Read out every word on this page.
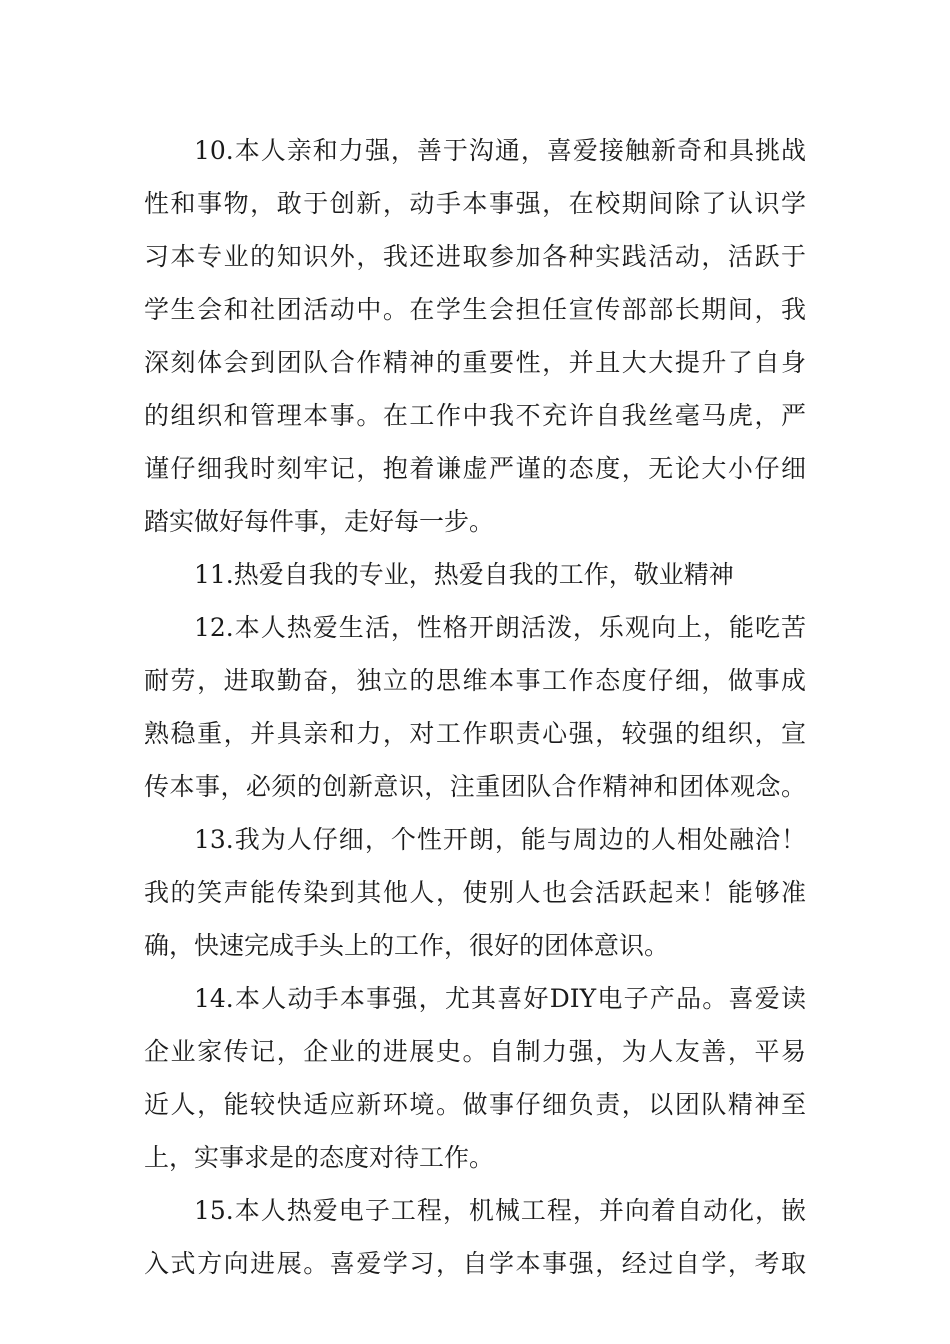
10.本人亲和力强，善于沟通，喜爱接触新奇和具挑战
性和事物，敢于创新，动手本事强，在校期间除了认识学
习本专业的知识外，我还进取参加各种实践活动，活跃于
学生会和社团活动中。在学生会担任宣传部部长期间，我
深刻体会到团队合作精神的重要性，并且大大提升了自身
的组织和管理本事。在工作中我不充许自我丝毫马虎，严
谨仔细我时刻牢记，抱着谦虚严谨的态度，无论大小仔细
踏实做好每件事，走好每一步。
11.热爱自我的专业，热爱自我的工作，敬业精神
12.本人热爱生活，性格开朗活泼，乐观向上，能吃苦
耐劳，进取勤奋，独立的思维本事工作态度仔细，做事成
熟稳重，并具亲和力，对工作职责心强，较强的组织，宣
传本事，必须的创新意识，注重团队合作精神和团体观念。
13.我为人仔细，个性开朗，能与周边的人相处融洽！
我的笑声能传染到其他人，使别人也会活跃起来！能够准
确，快速完成手头上的工作，很好的团体意识。
14.本人动手本事强，尤其喜好DIY电子产品。喜爱读
企业家传记，企业的进展史。自制力强，为人友善，平易
近人，能较快适应新环境。做事仔细负责，以团队精神至
上，实事求是的态度对待工作。
15.本人热爱电子工程，机械工程，并向着自动化，嵌
入式方向进展。喜爱学习，自学本事强，经过自学，考取
